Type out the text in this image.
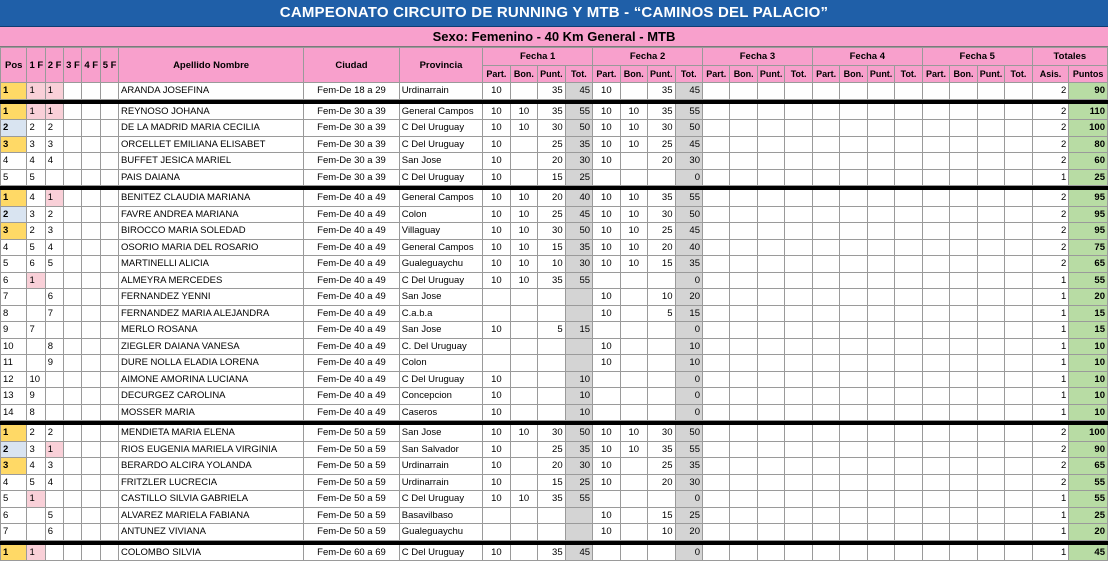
CAMPEONATO CIRCUITO DE RUNNING Y MTB - “CAMINOS DEL PALACIO”
Sexo: Femenino - 40 Km General - MTB
Pos	1 F	2 F	3 F	4 F	5 F	Apellido Nombre	Ciudad	Provincia	Fecha 1				Fecha 2				Fecha 3				Fecha 4				Fecha 5				Totales	
									Part.	Bon.	Punt.	Tot.	Part.	Bon.	Punt.	Tot.	Part.	Bon.	Punt.	Tot.	Part.	Bon.	Punt.	Tot.	Part.	Bon.	Punt.	Tot.	Asis.	Puntos
1	1	1				ARANDA JOSEFINA	Fem-De 18 a 29	Urdinarrain	10		35	45	10		35	45													2	90

1	1	1				REYNOSO JOHANA	Fem-De 30 a 39	General Campos	10	10	35	55	10	10	35	55													2	110
2	2	2				DE LA MADRID MARIA CECILIA	Fem-De 30 a 39	C Del Uruguay	10	10	30	50	10	10	30	50													2	100
3	3	3				ORCELLET EMILIANA ELISABET	Fem-De 30 a 39	C Del Uruguay	10		25	35	10	10	25	45													2	80
4	4	4				BUFFET JESICA MARIEL	Fem-De 30 a 39	San Jose	10		20	30	10		20	30													2	60
5	5					PAIS DAIANA	Fem-De 30 a 39	C Del Uruguay	10		15	25				0													1	25

1	4	1				BENITEZ CLAUDIA MARIANA	Fem-De 40 a 49	General Campos	10	10	20	40	10	10	35	55													2	95
2	3	2				FAVRE ANDREA MARIANA	Fem-De 40 a 49	Colon	10	10	25	45	10	10	30	50													2	95
3	2	3				BIROCCO MARIA SOLEDAD	Fem-De 40 a 49	Villaguay	10	10	30	50	10	10	25	45													2	95
4	5	4				OSORIO MARIA DEL ROSARIO	Fem-De 40 a 49	General Campos	10	10	15	35	10	10	20	40													2	75
5	6	5				MARTINELLI ALICIA	Fem-De 40 a 49	Gualeguaychu	10	10	10	30	10	10	15	35													2	65
6	1					ALMEYRA MERCEDES	Fem-De 40 a 49	C Del Uruguay	10	10	35	55				0													1	55
7		6				FERNANDEZ YENNI	Fem-De 40 a 49	San Jose					10		10	20													1	20
8		7				FERNANDEZ MARIA ALEJANDRA	Fem-De 40 a 49	C.a.b.a					10		5	15													1	15
9	7					MERLO ROSANA	Fem-De 40 a 49	San Jose	10		5	15				0													1	15
10		8				ZIEGLER DAIANA VANESA	Fem-De 40 a 49	C. Del Uruguay					10			10													1	10
11		9				DURE NOLLA ELADIA LORENA	Fem-De 40 a 49	Colon					10			10													1	10
12	10					AIMONE AMORINA LUCIANA	Fem-De 40 a 49	C Del Uruguay	10			10				0													1	10
13	9					DECURGEZ CAROLINA	Fem-De 40 a 49	Concepcion	10			10				0													1	10
14	8					MOSSER MARIA	Fem-De 40 a 49	Caseros	10			10				0													1	10

1	2	2				MENDIETA MARIA ELENA	Fem-De 50 a 59	San Jose	10	10	30	50	10	10	30	50													2	100
2	3	1				RIOS EUGENIA MARIELA VIRGINIA	Fem-De 50 a 59	San Salvador	10		25	35	10	10	35	55													2	90
3	4	3				BERARDO ALCIRA YOLANDA	Fem-De 50 a 59	Urdinarrain	10		20	30	10		25	35													2	65
4	5	4				FRITZLER LUCRECIA	Fem-De 50 a 59	Urdinarrain	10		15	25	10		20	30													2	55
5	1					CASTILLO SILVIA GABRIELA	Fem-De 50 a 59	C Del Uruguay	10	10	35	55				0													1	55
6		5				ALVAREZ MARIELA FABIANA	Fem-De 50 a 59	Basavilbaso					10		15	25													1	25
7		6				ANTUNEZ VIVIANA	Fem-De 50 a 59	Gualeguaychu					10		10	20													1	20

1	1					COLOMBO SILVIA	Fem-De 60 a 69	C Del Uruguay	10		35	45				0													1	45
